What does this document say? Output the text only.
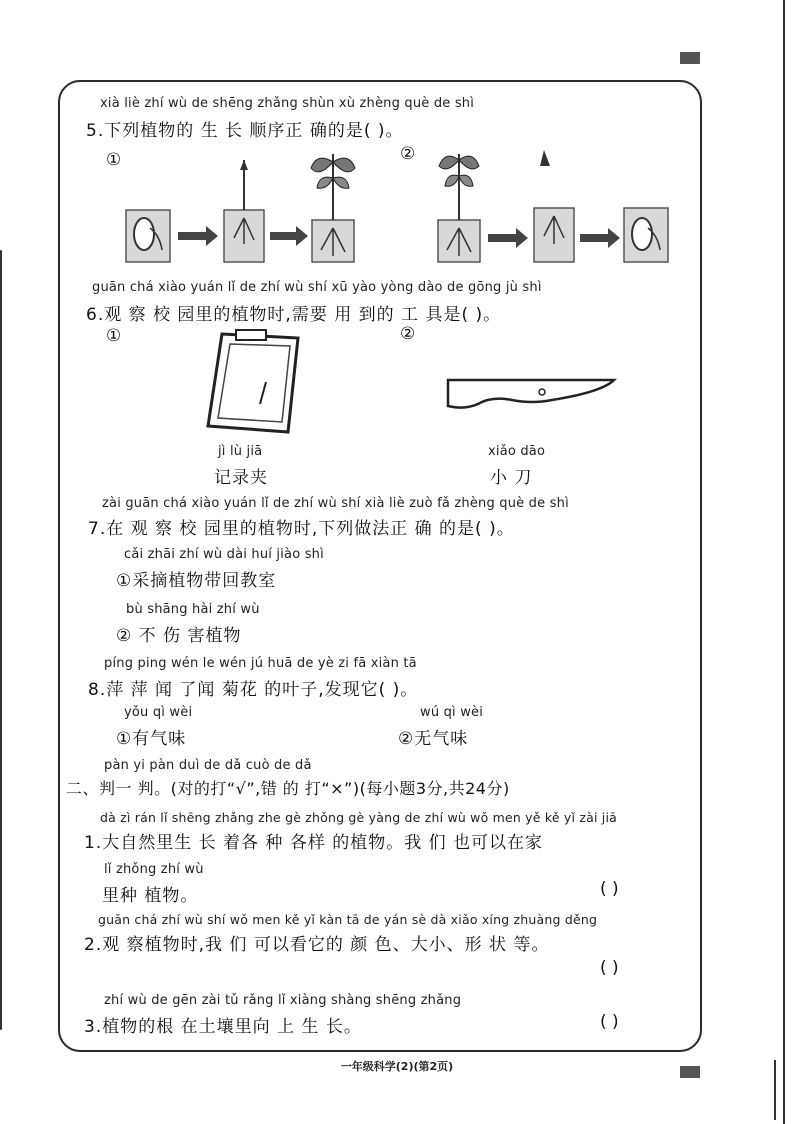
xià liè zhí wù de shēng zhǎng shùn xù zhèng què de shì
5.下列植物的 生 长 顺序正 确的是( )。
①	②
guān chá xiào yuán lǐ de zhí wù shí xū yào yòng dào de gōng jù shì
6.观 察 校 园里的植物时,需要 用 到的 工 具是( )。
①	②
jì lù jiā
记录夹
xiǎo dāo
小 刀
zài guān chá xiào yuán lǐ de zhí wù shí xià liè zuò fǎ zhèng què de shì
7.在 观 察 校 园里的植物时,下列做法正 确 的是( )。
cǎi zhāi zhí wù dài huí jiào shì
①采摘植物带回教室
bù shāng hài zhí wù
② 不 伤 害植物
píng ping wén le wén jú huā de yè zi fā xiàn tā
8.萍 萍 闻 了闻 菊花 的叶子,发现它( )。
yǒu qì wèi
①有气味
wú qì wèi
②无气味
pàn yi pàn duì de dǎ cuò de dǎ
二、判一 判。(对的打“√”,错 的 打“×”)(每小题3分,共24分)
dà zì rán lǐ shēng zhǎng zhe gè zhǒng gè yàng de zhí wù wǒ men yě kě yǐ zài jiā
1.大自然里生 长 着各 种 各样 的植物。我 们 也可以在家
lǐ zhǒng zhí wù
里种 植物。	( )
guān chá zhí wù shí wǒ men kě yǐ kàn tā de yán sè dà xiǎo xíng zhuàng děng
2.观 察植物时,我 们 可以看它的 颜 色、大小、形 状 等。
( )
zhí wù de gēn zài tǔ rǎng lǐ xiàng shàng shēng zhǎng
3.植物的根 在土壤里向 上 生 长。	( )
一年级科学(2)(第2页)
